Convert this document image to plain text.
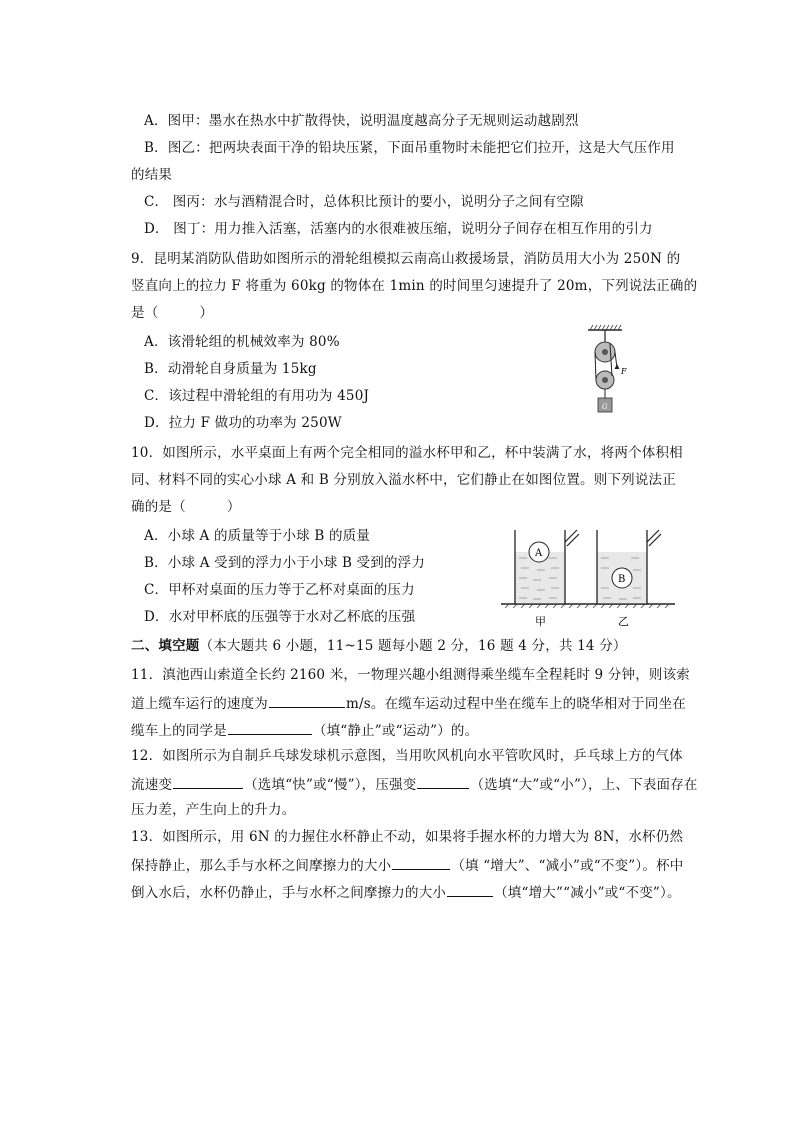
A．图甲：墨水在热水中扩散得快，说明温度越高分子无规则运动越剧烈
B．图乙：把两块表面干净的铅块压紧，下面吊重物时未能把它们拉开，这是大气压作用
的结果
C． 图丙：水与酒精混合时，总体积比预计的要小，说明分子之间有空隙
D． 图丁：用力推入活塞，活塞内的水很难被压缩，说明分子间存在相互作用的引力
9．昆明某消防队借助如图所示的滑轮组模拟云南高山救援场景，消防员用大小为 250N 的
竖直向上的拉力 F 将重为 60kg 的物体在 1min 的时间里匀速提升了 20m，下列说法正确的
是（　　　）
A．该滑轮组的机械效率为 80%
B．动滑轮自身质量为 15kg
C．该过程中滑轮组的有用功为 450J
D．拉力 F 做功的功率为 250W
F
G
10．如图所示，水平桌面上有两个完全相同的溢水杯甲和乙，杯中装满了水，将两个体积相
同、材料不同的实心小球 A 和 B 分别放入溢水杯中，它们静止在如图位置。则下列说法正
确的是（　　　）
A．小球 A 的质量等于小球 B 的质量
B．小球 A 受到的浮力小于小球 B 受到的浮力
C．甲杯对桌面的压力等于乙杯对桌面的压力
D．水对甲杯底的压强等于水对乙杯底的压强
A
B
甲	乙
二、填空题（本大题共 6 小题，11~15 题每小题 2 分，16 题 4 分，共 14 分）
11．滇池西山索道全长约 2160 米，一物理兴趣小组测得乘坐缆车全程耗时 9 分钟，则该索
道上缆车运行的速度为	m/s。在缆车运动过程中坐在缆车上的晓华相对于同坐在
缆车上的同学是	（填“静止”或“运动”）的。
12．如图所示为自制乒乓球发球机示意图，当用吹风机向水平管吹风时，乒乓球上方的气体
流速变	（选填“快”或“慢”），压强变	（选填“大”或“小”），上、下表面存在
压力差，产生向上的升力。
13．如图所示，用 6N 的力握住水杯静止不动，如果将手握水杯的力增大为 8N，水杯仍然
保持静止，那么手与水杯之间摩擦力的大小	（填 “增大”、“减小”或“不变”）。杯中
倒入水后，水杯仍静止，手与水杯之间摩擦力的大小	（填“增大”“减小”或“不变”）。
